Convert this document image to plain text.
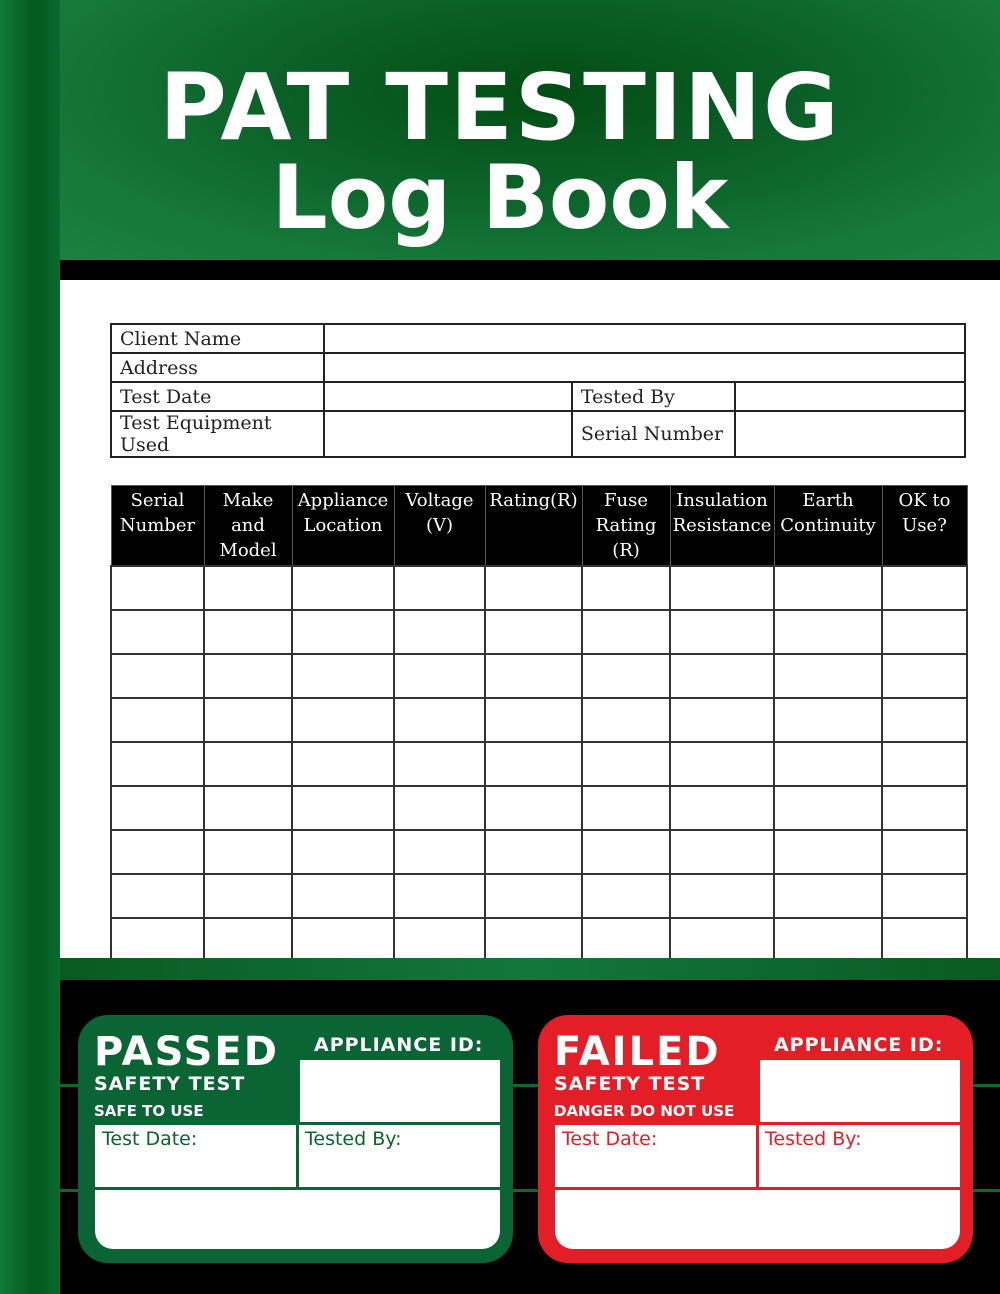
PAT TESTING
Log Book
Client Name			
Address			
Test Date		Tested By	
Test Equipment Used		Serial Number	
Serial Number	Make and Model	Appliance Location	Voltage (V)	Rating(R)	Fuse Rating (R)	Insulation Resistance	Earth Continuity	OK to Use?

PASSED
SAFETY TEST
SAFE TO USE
APPLIANCE ID:
Test Date:	Tested By:
FAILED
SAFETY TEST
DANGER DO NOT USE
APPLIANCE ID:
Test Date:	Tested By:
